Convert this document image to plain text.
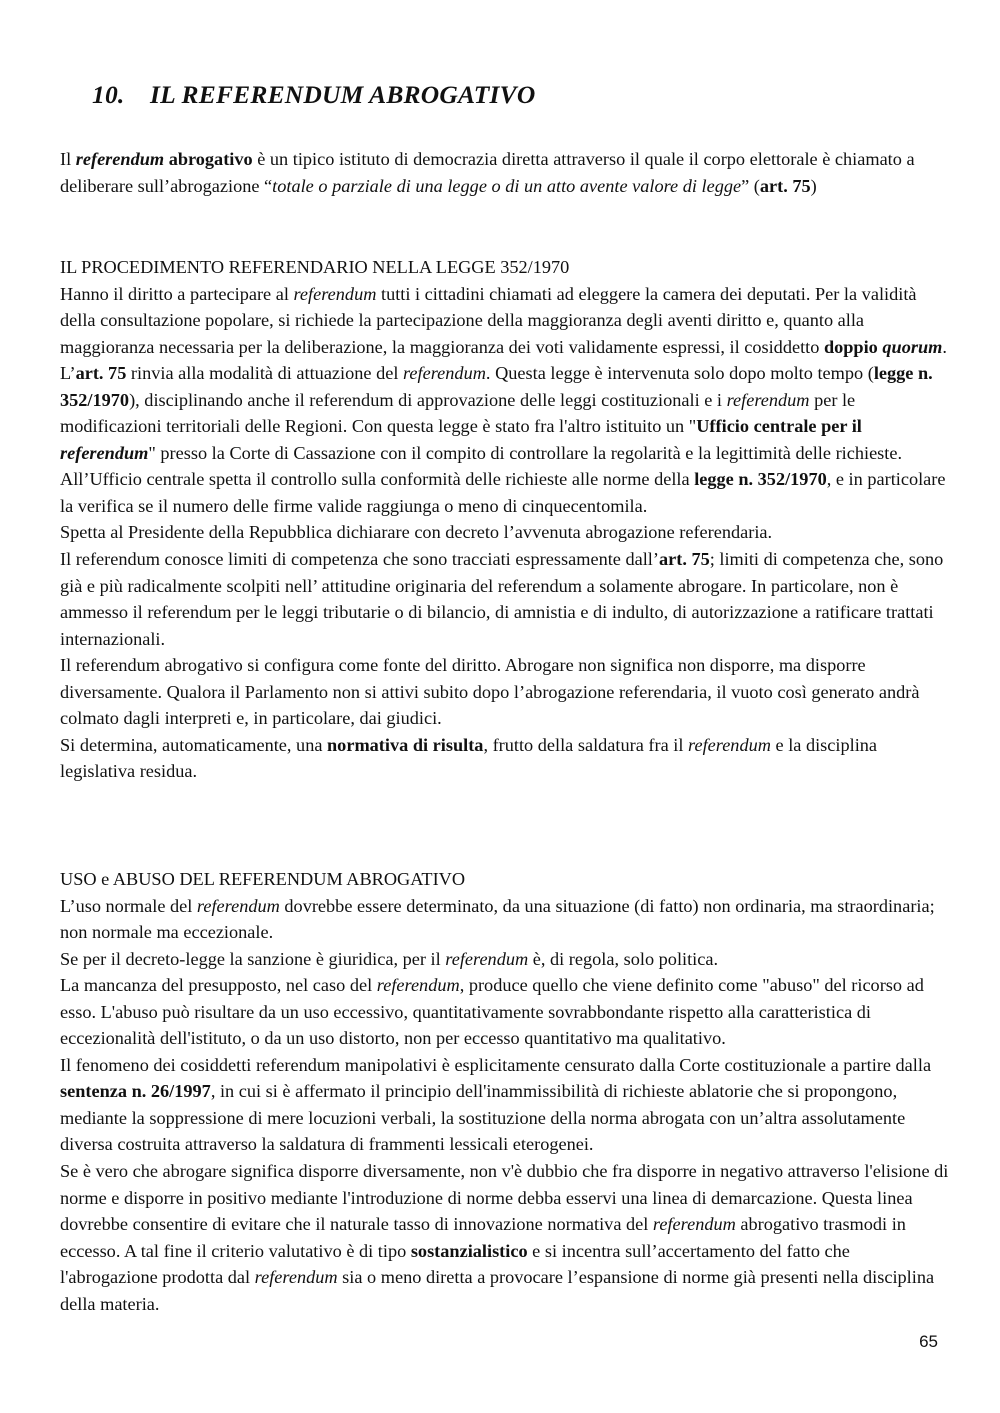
10. IL REFERENDUM ABROGATIVO

Il referendum abrogativo è un tipico istituto di democrazia diretta attraverso il quale il corpo elettorale è chiamato a deliberare sull’abrogazione “totale o parziale di una legge o di un atto avente valore di legge” (art. 75)

IL PROCEDIMENTO REFERENDARIO NELLA LEGGE 352/1970

Hanno il diritto a partecipare al referendum tutti i cittadini chiamati ad eleggere la camera dei deputati. Per la validità della consultazione popolare, si richiede la partecipazione della maggioranza degli aventi diritto e, quanto alla maggioranza necessaria per la deliberazione, la maggioranza dei voti validamente espressi, il cosiddetto doppio quorum.

L’art. 75 rinvia alla modalità di attuazione del referendum. Questa legge è intervenuta solo dopo molto tempo (legge n. 352/1970), disciplinando anche il referendum di approvazione delle leggi costituzionali e i referendum per le modificazioni territoriali delle Regioni. Con questa legge è stato fra l'altro istituito un "Ufficio centrale per il referendum" presso la Corte di Cassazione con il compito di controllare la regolarità e la legittimità delle richieste.

All’Ufficio centrale spetta il controllo sulla conformità delle richieste alle norme della legge n. 352/1970, e in particolare la verifica se il numero delle firme valide raggiunga o meno di cinquecentomila.

Spetta al Presidente della Repubblica dichiarare con decreto l’avvenuta abrogazione referendaria.

Il referendum conosce limiti di competenza che sono tracciati espressamente dall’art. 75; limiti di competenza che, sono già e più radicalmente scolpiti nell’ attitudine originaria del referendum a solamente abrogare. In particolare, non è ammesso il referendum per le leggi tributarie o di bilancio, di amnistia e di indulto, di autorizzazione a ratificare trattati internazionali.

Il referendum abrogativo si configura come fonte del diritto. Abrogare non significa non disporre, ma disporre diversamente. Qualora il Parlamento non si attivi subito dopo l’abrogazione referendaria, il vuoto così generato andrà colmato dagli interpreti e, in particolare, dai giudici.

Si determina, automaticamente, una normativa di risulta, frutto della saldatura fra il referendum e la disciplina legislativa residua.

USO e ABUSO DEL REFERENDUM ABROGATIVO

L’uso normale del referendum dovrebbe essere determinato, da una situazione (di fatto) non ordinaria, ma straordinaria; non normale ma eccezionale.

Se per il decreto-legge la sanzione è giuridica, per il referendum è, di regola, solo politica.

La mancanza del presupposto, nel caso del referendum, produce quello che viene definito come "abuso" del ricorso ad esso. L'abuso può risultare da un uso eccessivo, quantitativamente sovrabbondante rispetto alla caratteristica di eccezionalità dell'istituto, o da un uso distorto, non per eccesso quantitativo ma qualitativo.

Il fenomeno dei cosiddetti referendum manipolativi è esplicitamente censurato dalla Corte costituzionale a partire dalla sentenza n. 26/1997, in cui si è affermato il principio dell'inammissibilità di richieste ablatorie che si propongono, mediante la soppressione di mere locuzioni verbali, la sostituzione della norma abrogata con un’altra assolutamente diversa costruita attraverso la saldatura di frammenti lessicali eterogenei.

Se è vero che abrogare significa disporre diversamente, non v'è dubbio che fra disporre in negativo attraverso l'elisione di norme e disporre in positivo mediante l'introduzione di norme debba esservi una linea di demarcazione. Questa linea dovrebbe consentire di evitare che il naturale tasso di innovazione normativa del referendum abrogativo trasmodi in eccesso. A tal fine il criterio valutativo è di tipo sostanzialistico e si incentra sull’accertamento del fatto che l'abrogazione prodotta dal referendum sia o meno diretta a provocare l’espansione di norme già presenti nella disciplina della materia.

65
